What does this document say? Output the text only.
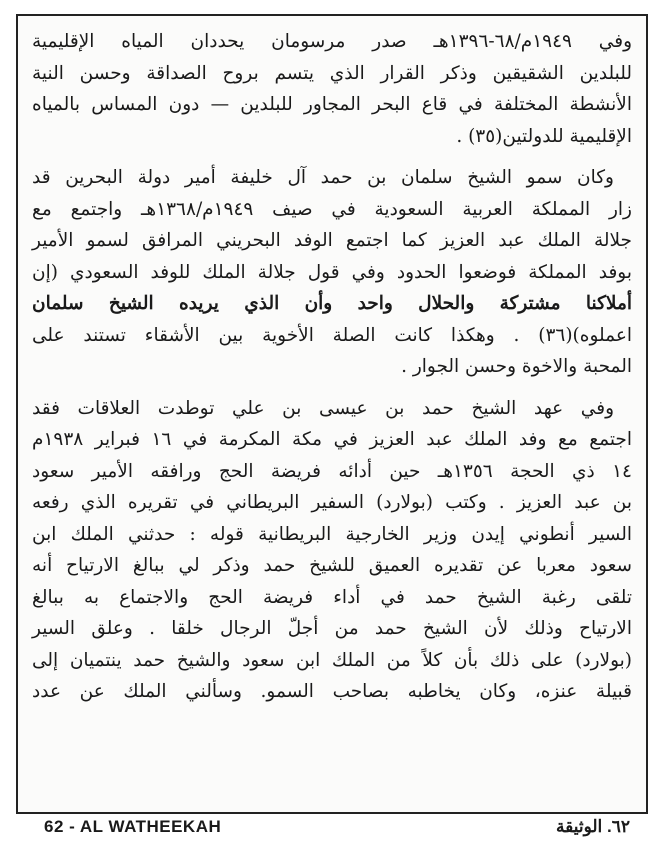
وفي ١٩٤٩م/٦٨-١٣٩٦هـ صدر مرسومان يحددان المياه الإقليمية
للبلدين الشقيقين وذكر القرار الذي يتسم بروح الصداقة وحسن النية
الأنشطة المختلفة في قاع البحر المجاور للبلدين — دون المساس بالمياه
الإقليمية للدولتين(٣٥) .

وكان سمو الشيخ سلمان بن حمد آل خليفة أمير دولة البحرين قد
زار المملكة العربية السعودية في صيف ١٩٤٩م/١٣٦٨هـ واجتمع مع
جلالة الملك عبد العزيز كما اجتمع الوفد البحريني المرافق لسمو الأمير
بوفد المملكة فوضعوا الحدود وفي قول جلالة الملك للوفد السعودي (إن
أملاكنا مشتركة والحلال واحد وأن الذي يريده الشيخ سلمان
اعملوه)(٣٦) . وهكذا كانت الصلة الأخوية بين الأشقاء تستند على
المحبة والاخوة وحسن الجوار .

وفي عهد الشيخ حمد بن عيسى بن علي توطدت العلاقات فقد
اجتمع مع وفد الملك عبد العزيز في مكة المكرمة في ١٦ فبراير ١٩٣٨م
١٤ ذي الحجة ١٣٥٦هـ حين أدائه فريضة الحج ورافقه الأمير سعود
بن عبد العزيز . وكتب (بولارد) السفير البريطاني في تقريره الذي رفعه
السير أنطوني إيدن وزير الخارجية البريطانية قوله : حدثني الملك ابن
سعود معربا عن تقديره العميق للشيخ حمد وذكر لي ببالغ الارتياح أنه
تلقى رغبة الشيخ حمد في أداء فريضة الحج والاجتماع به ببالغ
الارتياح وذلك لأن الشيخ حمد من أجلّ الرجال خلقا . وعلق السير
(بولارد) على ذلك بأن كلاً من الملك ابن سعود والشيخ حمد ينتميان إلى
قبيلة عنزه، وكان يخاطبه بصاحب السمو. وسألني الملك عن عدد

62 - AL WATHEEKAH	٦٢. الوثيقة
